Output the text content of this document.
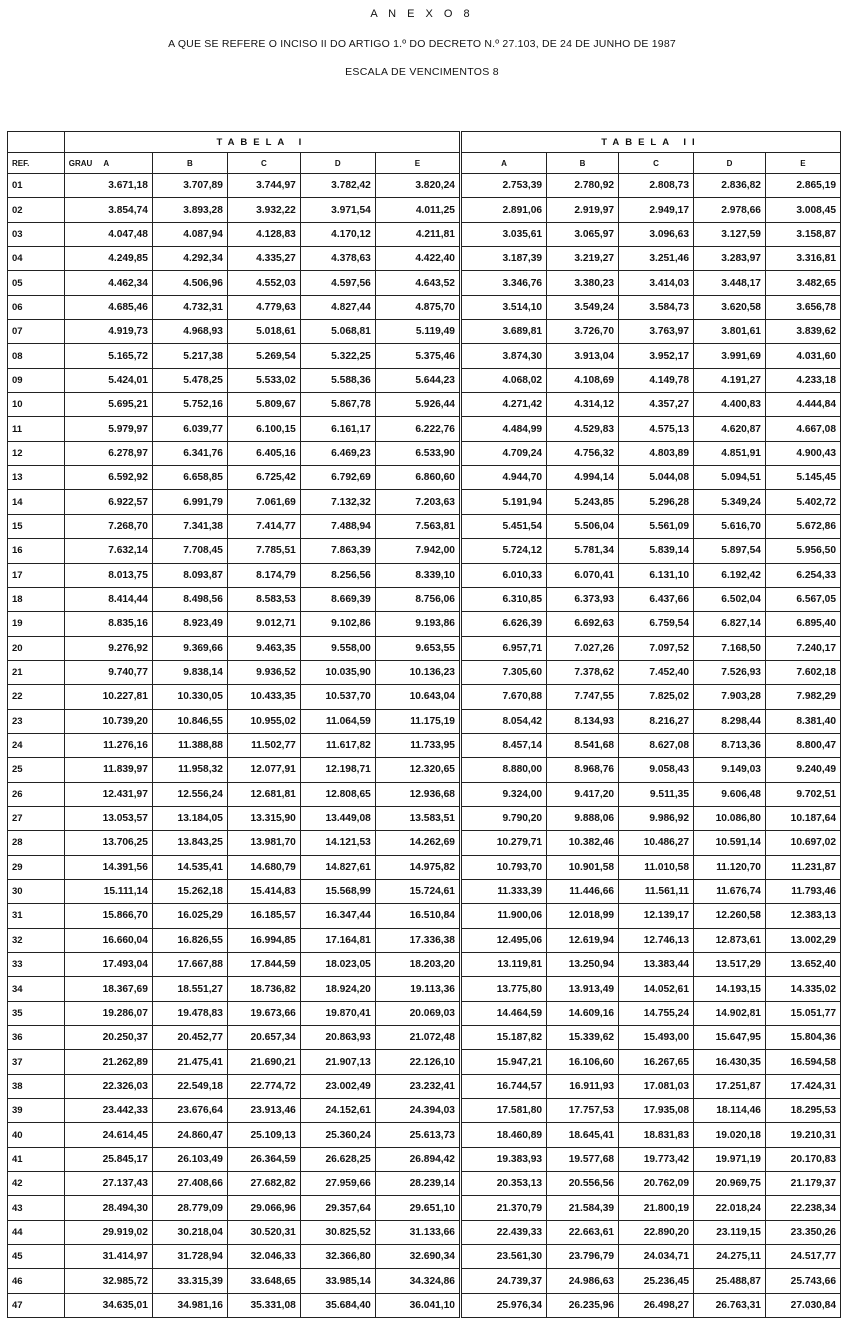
A N E X O 8
A QUE SE REFERE O INCISO II DO ARTIGO 1.º DO DECRETO N.º 27.103, DE 24 DE JUNHO DE 1987
ESCALA DE VENCIMENTOS 8
	TABELA I					TABELA II				
REF.	GRAU A	B	C	D	E	A	B	C	D	E
01	3.671,18	3.707,89	3.744,97	3.782,42	3.820,24	2.753,39	2.780,92	2.808,73	2.836,82	2.865,19
02	3.854,74	3.893,28	3.932,22	3.971,54	4.011,25	2.891,06	2.919,97	2.949,17	2.978,66	3.008,45
03	4.047,48	4.087,94	4.128,83	4.170,12	4.211,81	3.035,61	3.065,97	3.096,63	3.127,59	3.158,87
04	4.249,85	4.292,34	4.335,27	4.378,63	4.422,40	3.187,39	3.219,27	3.251,46	3.283,97	3.316,81
05	4.462,34	4.506,96	4.552,03	4.597,56	4.643,52	3.346,76	3.380,23	3.414,03	3.448,17	3.482,65
06	4.685,46	4.732,31	4.779,63	4.827,44	4.875,70	3.514,10	3.549,24	3.584,73	3.620,58	3.656,78
07	4.919,73	4.968,93	5.018,61	5.068,81	5.119,49	3.689,81	3.726,70	3.763,97	3.801,61	3.839,62
08	5.165,72	5.217,38	5.269,54	5.322,25	5.375,46	3.874,30	3.913,04	3.952,17	3.991,69	4.031,60
09	5.424,01	5.478,25	5.533,02	5.588,36	5.644,23	4.068,02	4.108,69	4.149,78	4.191,27	4.233,18
10	5.695,21	5.752,16	5.809,67	5.867,78	5.926,44	4.271,42	4.314,12	4.357,27	4.400,83	4.444,84
11	5.979,97	6.039,77	6.100,15	6.161,17	6.222,76	4.484,99	4.529,83	4.575,13	4.620,87	4.667,08
12	6.278,97	6.341,76	6.405,16	6.469,23	6.533,90	4.709,24	4.756,32	4.803,89	4.851,91	4.900,43
13	6.592,92	6.658,85	6.725,42	6.792,69	6.860,60	4.944,70	4.994,14	5.044,08	5.094,51	5.145,45
14	6.922,57	6.991,79	7.061,69	7.132,32	7.203,63	5.191,94	5.243,85	5.296,28	5.349,24	5.402,72
15	7.268,70	7.341,38	7.414,77	7.488,94	7.563,81	5.451,54	5.506,04	5.561,09	5.616,70	5.672,86
16	7.632,14	7.708,45	7.785,51	7.863,39	7.942,00	5.724,12	5.781,34	5.839,14	5.897,54	5.956,50
17	8.013,75	8.093,87	8.174,79	8.256,56	8.339,10	6.010,33	6.070,41	6.131,10	6.192,42	6.254,33
18	8.414,44	8.498,56	8.583,53	8.669,39	8.756,06	6.310,85	6.373,93	6.437,66	6.502,04	6.567,05
19	8.835,16	8.923,49	9.012,71	9.102,86	9.193,86	6.626,39	6.692,63	6.759,54	6.827,14	6.895,40
20	9.276,92	9.369,66	9.463,35	9.558,00	9.653,55	6.957,71	7.027,26	7.097,52	7.168,50	7.240,17
21	9.740,77	9.838,14	9.936,52	10.035,90	10.136,23	7.305,60	7.378,62	7.452,40	7.526,93	7.602,18
22	10.227,81	10.330,05	10.433,35	10.537,70	10.643,04	7.670,88	7.747,55	7.825,02	7.903,28	7.982,29
23	10.739,20	10.846,55	10.955,02	11.064,59	11.175,19	8.054,42	8.134,93	8.216,27	8.298,44	8.381,40
24	11.276,16	11.388,88	11.502,77	11.617,82	11.733,95	8.457,14	8.541,68	8.627,08	8.713,36	8.800,47
25	11.839,97	11.958,32	12.077,91	12.198,71	12.320,65	8.880,00	8.968,76	9.058,43	9.149,03	9.240,49
26	12.431,97	12.556,24	12.681,81	12.808,65	12.936,68	9.324,00	9.417,20	9.511,35	9.606,48	9.702,51
27	13.053,57	13.184,05	13.315,90	13.449,08	13.583,51	9.790,20	9.888,06	9.986,92	10.086,80	10.187,64
28	13.706,25	13.843,25	13.981,70	14.121,53	14.262,69	10.279,71	10.382,46	10.486,27	10.591,14	10.697,02
29	14.391,56	14.535,41	14.680,79	14.827,61	14.975,82	10.793,70	10.901,58	11.010,58	11.120,70	11.231,87
30	15.111,14	15.262,18	15.414,83	15.568,99	15.724,61	11.333,39	11.446,66	11.561,11	11.676,74	11.793,46
31	15.866,70	16.025,29	16.185,57	16.347,44	16.510,84	11.900,06	12.018,99	12.139,17	12.260,58	12.383,13
32	16.660,04	16.826,55	16.994,85	17.164,81	17.336,38	12.495,06	12.619,94	12.746,13	12.873,61	13.002,29
33	17.493,04	17.667,88	17.844,59	18.023,05	18.203,20	13.119,81	13.250,94	13.383,44	13.517,29	13.652,40
34	18.367,69	18.551,27	18.736,82	18.924,20	19.113,36	13.775,80	13.913,49	14.052,61	14.193,15	14.335,02
35	19.286,07	19.478,83	19.673,66	19.870,41	20.069,03	14.464,59	14.609,16	14.755,24	14.902,81	15.051,77
36	20.250,37	20.452,77	20.657,34	20.863,93	21.072,48	15.187,82	15.339,62	15.493,00	15.647,95	15.804,36
37	21.262,89	21.475,41	21.690,21	21.907,13	22.126,10	15.947,21	16.106,60	16.267,65	16.430,35	16.594,58
38	22.326,03	22.549,18	22.774,72	23.002,49	23.232,41	16.744,57	16.911,93	17.081,03	17.251,87	17.424,31
39	23.442,33	23.676,64	23.913,46	24.152,61	24.394,03	17.581,80	17.757,53	17.935,08	18.114,46	18.295,53
40	24.614,45	24.860,47	25.109,13	25.360,24	25.613,73	18.460,89	18.645,41	18.831,83	19.020,18	19.210,31
41	25.845,17	26.103,49	26.364,59	26.628,25	26.894,42	19.383,93	19.577,68	19.773,42	19.971,19	20.170,83
42	27.137,43	27.408,66	27.682,82	27.959,66	28.239,14	20.353,13	20.556,56	20.762,09	20.969,75	21.179,37
43	28.494,30	28.779,09	29.066,96	29.357,64	29.651,10	21.370,79	21.584,39	21.800,19	22.018,24	22.238,34
44	29.919,02	30.218,04	30.520,31	30.825,52	31.133,66	22.439,33	22.663,61	22.890,20	23.119,15	23.350,26
45	31.414,97	31.728,94	32.046,33	32.366,80	32.690,34	23.561,30	23.796,79	24.034,71	24.275,11	24.517,77
46	32.985,72	33.315,39	33.648,65	33.985,14	34.324,86	24.739,37	24.986,63	25.236,45	25.488,87	25.743,66
47	34.635,01	34.981,16	35.331,08	35.684,40	36.041,10	25.976,34	26.235,96	26.498,27	26.763,31	27.030,84
